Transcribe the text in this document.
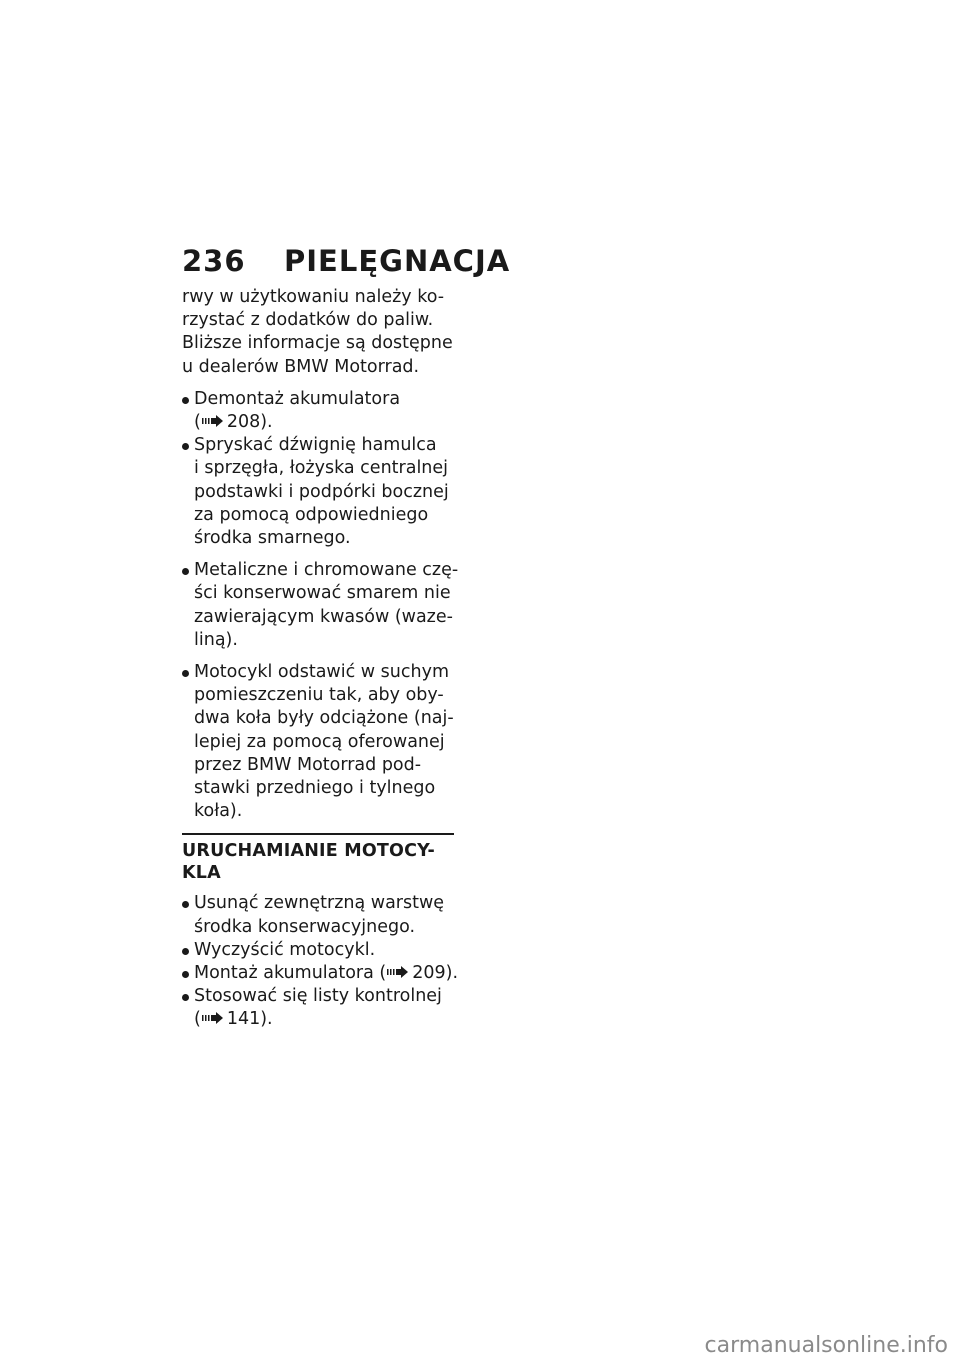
236 PIELĘGNACJA
rwy w użytkowaniu należy ko-
rzystać z dodatków do paliw.
Bliższe informacje są dostępne
u dealerów BMW Motorrad.
Demontaż akumulatora
( 208).
Spryskać dźwignię hamulca
i sprzęgła, łożyska centralnej
podstawki i podpórki bocznej
za pomocą odpowiedniego
środka smarnego.
Metaliczne i chromowane czę-
ści konserwować smarem nie
zawierającym kwasów (waze-
liną).
Motocykl odstawić w suchym
pomieszczeniu tak, aby oby-
dwa koła były odciążone (naj-
lepiej za pomocą oferowanej
przez BMW Motorrad pod-
stawki przedniego i tylnego
koła).
URUCHAMIANIE MOTOCY-
KLA
Usunąć zewnętrzną warstwę
środka konserwacyjnego.
Wyczyścić motocykl.
Montaż akumulatora ( 209).
Stosować się listy kontrolnej
( 141).
carmanualsonline.info
